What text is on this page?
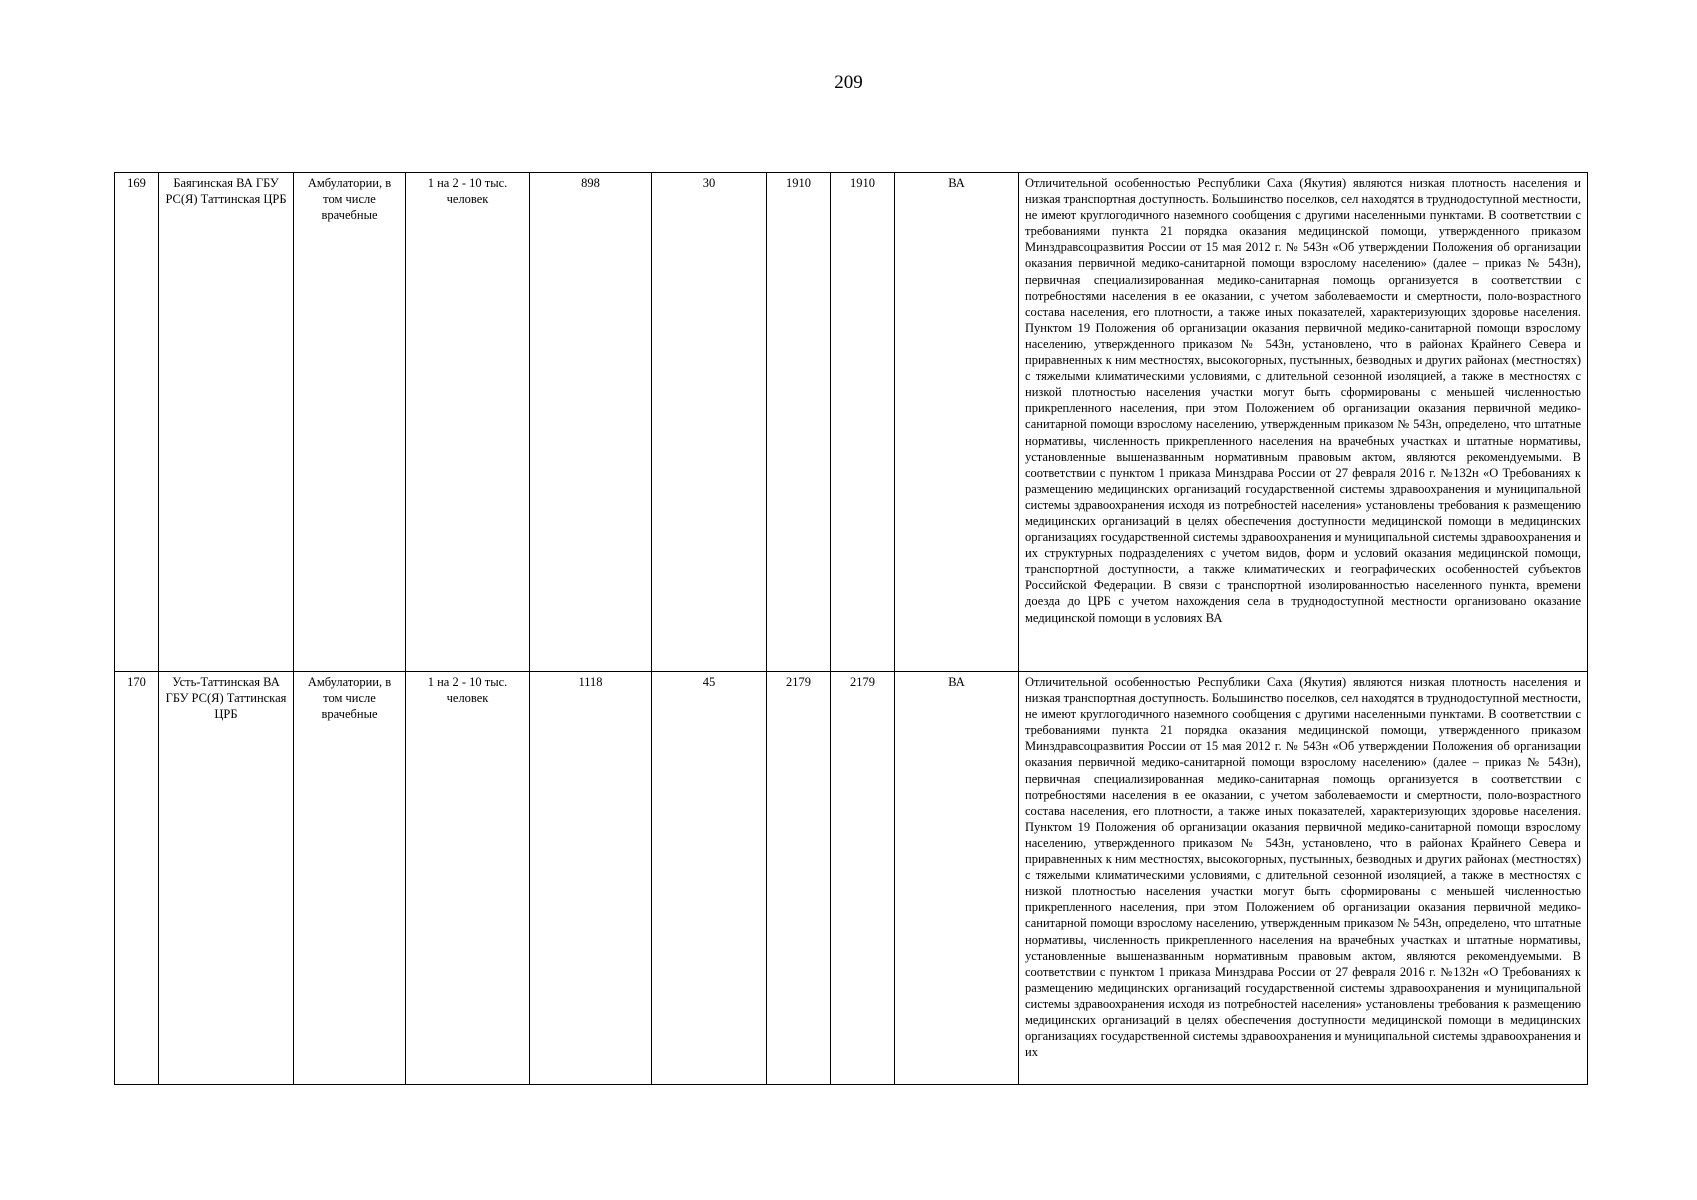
209
169	Баягинская ВА ГБУ РС(Я) Таттинская ЦРБ	Амбулатории, в том числе врачебные	1 на 2 - 10 тыс. человек	898	30	1910	1910	ВА	Отличительной особенностью Республики Саха (Якутия) являются низкая плотность населения и низкая транспортная доступность. Большинство поселков, сел находятся в труднодоступной местности, не имеют круглогодичного наземного сообщения с другими населенными пунктами. В соответствии с требованиями пункта 21 порядка оказания медицинской помощи, утвержденного приказом Минздравсоцразвития России от 15 мая 2012 г. № 543н «Об утверждении Положения об организации оказания первичной медико-санитарной помощи взрослому населению» (далее – приказ № 543н), первичная специализированная медико-санитарная помощь организуется в соответствии с потребностями населения в ее оказании, с учетом заболеваемости и смертности, поло-возрастного состава населения, его плотности, а также иных показателей, характеризующих здоровье населения. Пунктом 19 Положения об организации оказания первичной медико-санитарной помощи взрослому населению, утвержденного приказом № 543н, установлено, что в районах Крайнего Севера и приравненных к ним местностях, высокогорных, пустынных, безводных и других районах (местностях) с тяжелыми климатическими условиями, с длительной сезонной изоляцией, а также в местностях с низкой плотностью населения участки могут быть сформированы с меньшей численностью прикрепленного населения, при этом Положением об организации оказания первичной медико-санитарной помощи взрослому населению, утвержденным приказом № 543н, определено, что штатные нормативы, численность прикрепленного населения на врачебных участках и штатные нормативы, установленные вышеназванным нормативным правовым актом, являются рекомендуемыми. В соответствии с пунктом 1 приказа Минздрава России от 27 февраля 2016 г. №132н «О Требованиях к размещению медицинских организаций государственной системы здравоохранения и муниципальной системы здравоохранения исходя из потребностей населения» установлены требования к размещению медицинских организаций в целях обеспечения доступности медицинской помощи в медицинских организациях государственной системы здравоохранения и муниципальной системы здравоохранения и их структурных подразделениях с учетом видов, форм и условий оказания медицинской помощи, транспортной доступности, а также климатических и географических особенностей субъектов Российской Федерации. В связи с транспортной изолированностью населенного пункта, времени доезда до ЦРБ с учетом нахождения села в труднодоступной местности организовано оказание медицинской помощи в условиях ВА
170	Усть-Таттинская ВА ГБУ РС(Я) Таттинская ЦРБ	Амбулатории, в том числе врачебные	1 на 2 - 10 тыс. человек	1118	45	2179	2179	ВА	Отличительной особенностью Республики Саха (Якутия) являются низкая плотность населения и низкая транспортная доступность. Большинство поселков, сел находятся в труднодоступной местности, не имеют круглогодичного наземного сообщения с другими населенными пунктами. В соответствии с требованиями пункта 21 порядка оказания медицинской помощи, утвержденного приказом Минздравсоцразвития России от 15 мая 2012 г. № 543н «Об утверждении Положения об организации оказания первичной медико-санитарной помощи взрослому населению» (далее – приказ № 543н), первичная специализированная медико-санитарная помощь организуется в соответствии с потребностями населения в ее оказании, с учетом заболеваемости и смертности, поло-возрастного состава населения, его плотности, а также иных показателей, характеризующих здоровье населения. Пунктом 19 Положения об организации оказания первичной медико-санитарной помощи взрослому населению, утвержденного приказом № 543н, установлено, что в районах Крайнего Севера и приравненных к ним местностях, высокогорных, пустынных, безводных и других районах (местностях) с тяжелыми климатическими условиями, с длительной сезонной изоляцией, а также в местностях с низкой плотностью населения участки могут быть сформированы с меньшей численностью прикрепленного населения, при этом Положением об организации оказания первичной медико-санитарной помощи взрослому населению, утвержденным приказом № 543н, определено, что штатные нормативы, численность прикрепленного населения на врачебных участках и штатные нормативы, установленные вышеназванным нормативным правовым актом, являются рекомендуемыми. В соответствии с пунктом 1 приказа Минздрава России от 27 февраля 2016 г. №132н «О Требованиях к размещению медицинских организаций государственной системы здравоохранения и муниципальной системы здравоохранения исходя из потребностей населения» установлены требования к размещению медицинских организаций в целях обеспечения доступности медицинской помощи в медицинских организациях государственной системы здравоохранения и муниципальной системы здравоохранения и их
